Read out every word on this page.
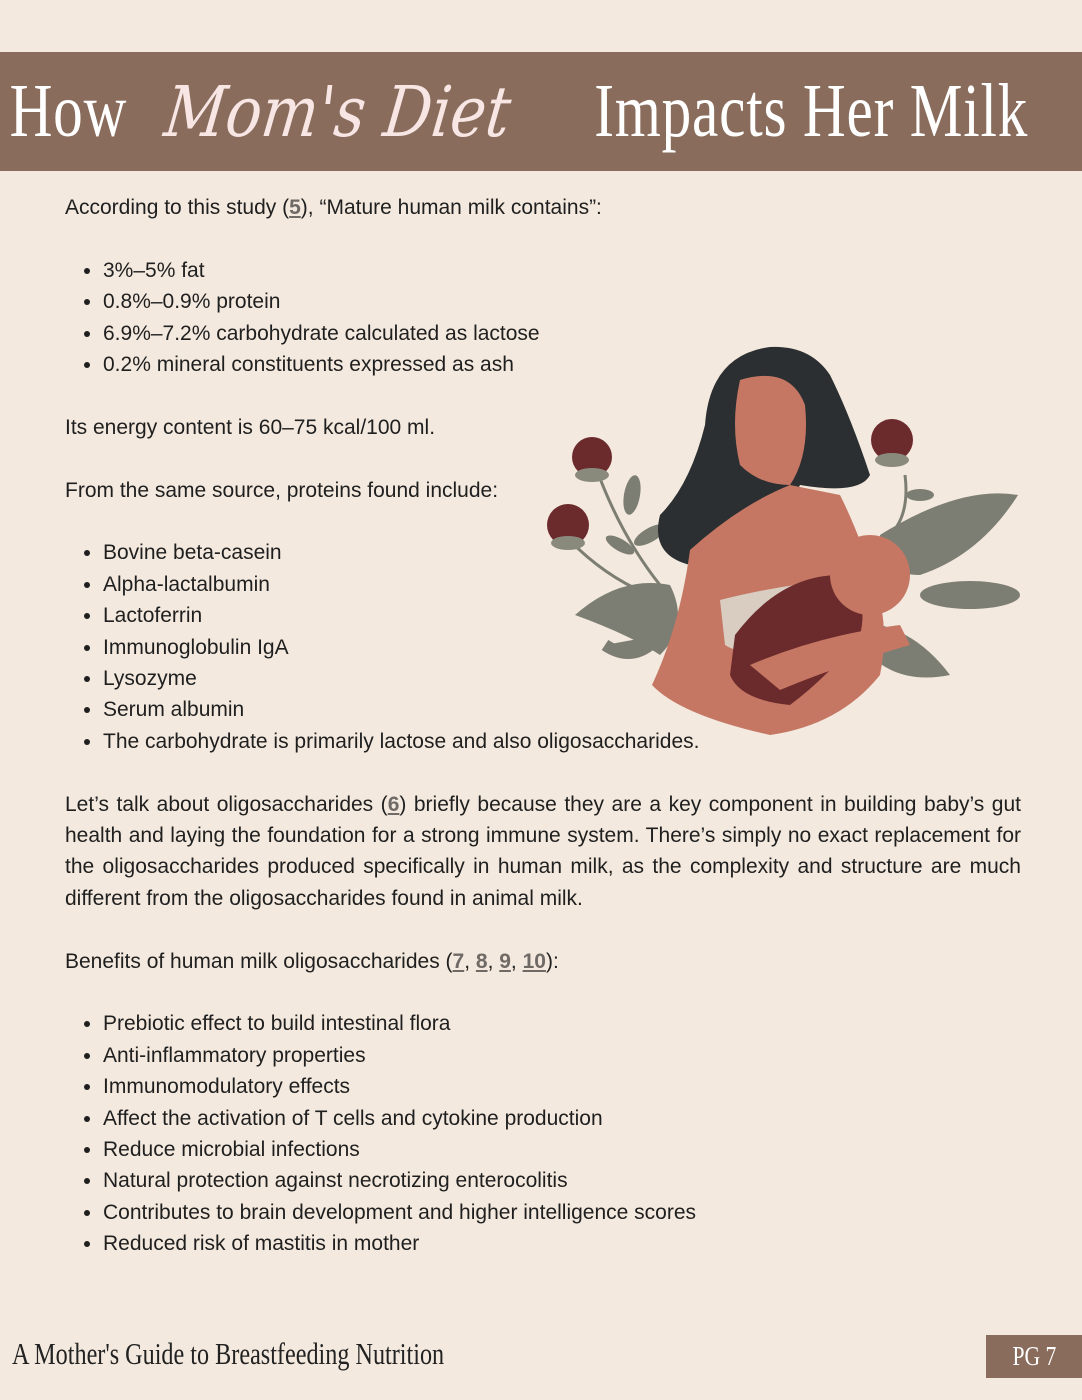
How Mom's Diet Impacts Her Milk

According to this study (5), “Mature human milk contains”:

• 3%–5% fat
• 0.8%–0.9% protein
• 6.9%–7.2% carbohydrate calculated as lactose
• 0.2% mineral constituents expressed as ash

Its energy content is 60–75 kcal/100 ml.

From the same source, proteins found include:

• Bovine beta-casein
• Alpha-lactalbumin
• Lactoferrin
• Immunoglobulin IgA
• Lysozyme
• Serum albumin
• The carbohydrate is primarily lactose and also oligosaccharides.

Let’s talk about oligosaccharides (6) briefly because they are a key component in building baby’s gut health and laying the foundation for a strong immune system. There’s simply no exact replacement for the oligosaccharides produced specifically in human milk, as the complexity and structure are much different from the oligosaccharides found in animal milk.

Benefits of human milk oligosaccharides (7, 8, 9, 10):

• Prebiotic effect to build intestinal flora
• Anti-inflammatory properties
• Immunomodulatory effects
• Affect the activation of T cells and cytokine production
• Reduce microbial infections
• Natural protection against necrotizing enterocolitis
• Contributes to brain development and higher intelligence scores
• Reduced risk of mastitis in mother
A Mother's Guide to Breastfeeding Nutrition	PG 7
